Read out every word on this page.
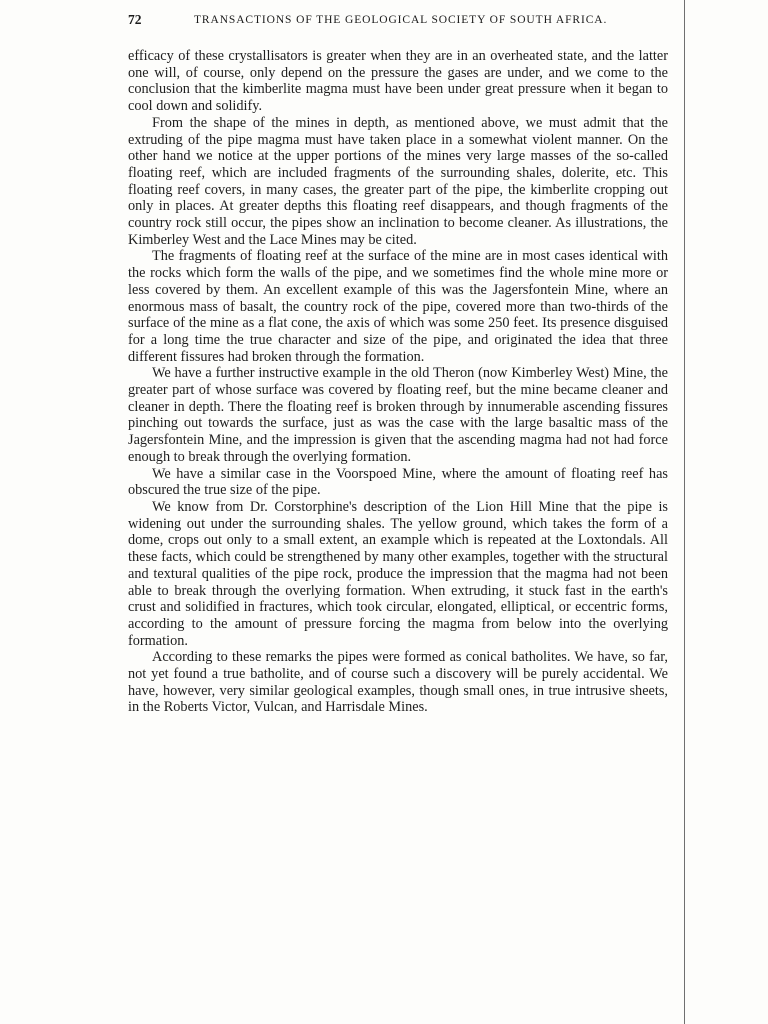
72	TRANSACTIONS OF THE GEOLOGICAL SOCIETY OF SOUTH AFRICA.

efficacy of these crystallisators is greater when they are in an overheated state, and the latter one will, of course, only depend on the pressure the gases are under, and we come to the conclusion that the kimberlite magma must have been under great pressure when it began to cool down and solidify.

From the shape of the mines in depth, as mentioned above, we must admit that the extruding of the pipe magma must have taken place in a somewhat violent manner. On the other hand we notice at the upper portions of the mines very large masses of the so-called floating reef, which are included fragments of the surrounding shales, dolerite, etc. This floating reef covers, in many cases, the greater part of the pipe, the kimberlite cropping out only in places. At greater depths this floating reef disappears, and though fragments of the country rock still occur, the pipes show an inclination to become cleaner. As illustrations, the Kimberley West and the Lace Mines may be cited.

The fragments of floating reef at the surface of the mine are in most cases identical with the rocks which form the walls of the pipe, and we sometimes find the whole mine more or less covered by them. An excellent example of this was the Jagersfontein Mine, where an enormous mass of basalt, the country rock of the pipe, covered more than two-thirds of the surface of the mine as a flat cone, the axis of which was some 250 feet. Its presence disguised for a long time the true character and size of the pipe, and originated the idea that three different fissures had broken through the formation.

We have a further instructive example in the old Theron (now Kimberley West) Mine, the greater part of whose surface was covered by floating reef, but the mine became cleaner and cleaner in depth. There the floating reef is broken through by innumerable ascending fissures pinching out towards the surface, just as was the case with the large basaltic mass of the Jagersfontein Mine, and the impression is given that the ascending magma had not had force enough to break through the overlying formation.

We have a similar case in the Voorspoed Mine, where the amount of floating reef has obscured the true size of the pipe.

We know from Dr. Corstorphine's description of the Lion Hill Mine that the pipe is widening out under the surrounding shales. The yellow ground, which takes the form of a dome, crops out only to a small extent, an example which is repeated at the Loxtondals. All these facts, which could be strengthened by many other examples, together with the structural and textural qualities of the pipe rock, produce the impression that the magma had not been able to break through the overlying formation. When extruding, it stuck fast in the earth's crust and solidified in fractures, which took circular, elongated, elliptical, or eccentric forms, according to the amount of pressure forcing the magma from below into the overlying formation.

According to these remarks the pipes were formed as conical batholites. We have, so far, not yet found a true batholite, and of course such a discovery will be purely accidental. We have, however, very similar geological examples, though small ones, in true intrusive sheets, in the Roberts Victor, Vulcan, and Harrisdale Mines.
